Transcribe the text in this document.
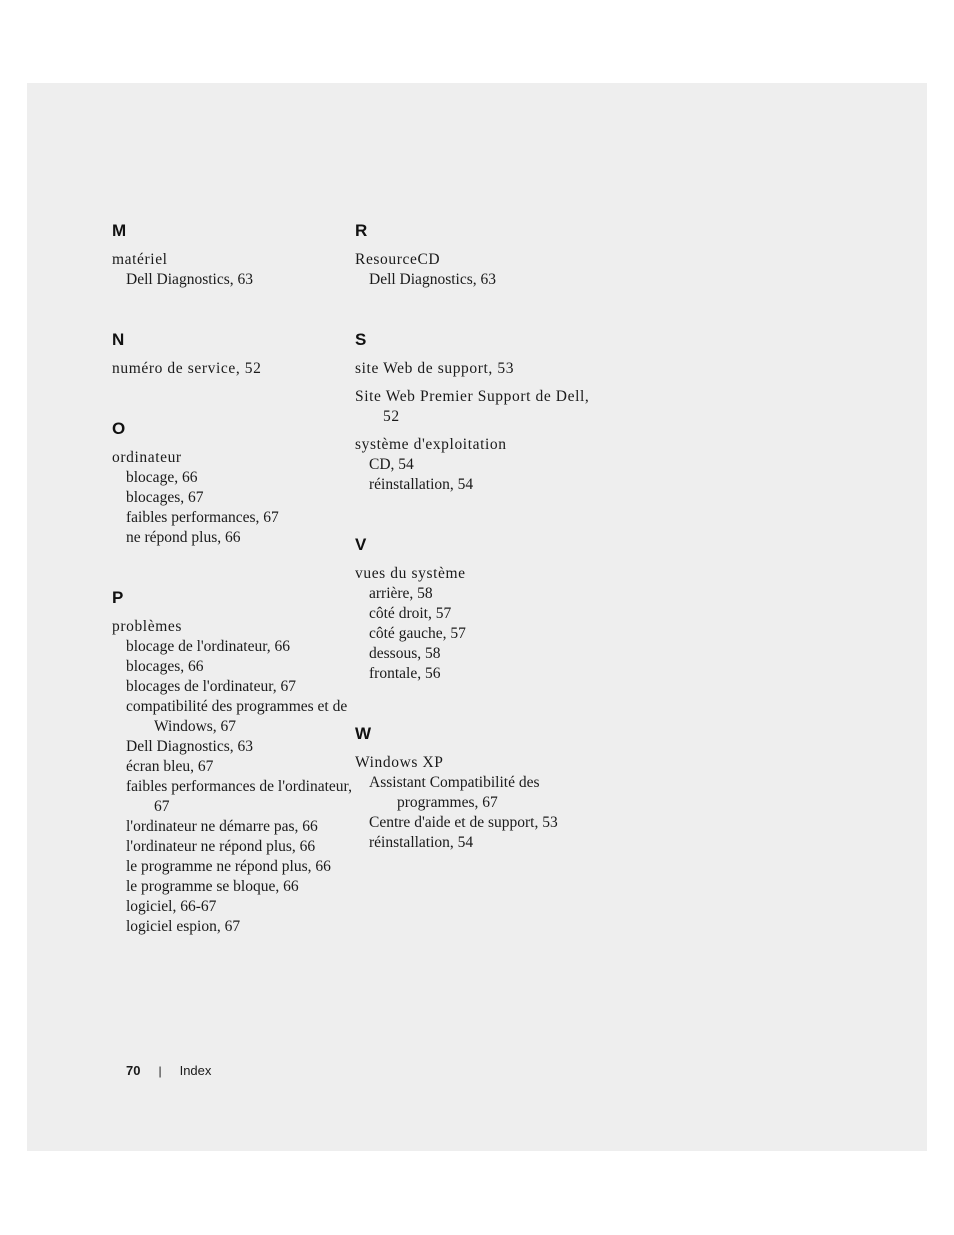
M
matériel
Dell Diagnostics, 63
N
numéro de service, 52
O
ordinateur
blocage, 66
blocages, 67
faibles performances, 67
ne répond plus, 66
P
problèmes
blocage de l'ordinateur, 66
blocages, 66
blocages de l'ordinateur, 67
compatibilité des programmes et de Windows, 67
Dell Diagnostics, 63
écran bleu, 67
faibles performances de l'ordinateur, 67
l'ordinateur ne démarre pas, 66
l'ordinateur ne répond plus, 66
le programme ne répond plus, 66
le programme se bloque, 66
logiciel, 66-67
logiciel espion, 67
R
ResourceCD
Dell Diagnostics, 63
S
site Web de support, 53
Site Web Premier Support de Dell, 52
système d'exploitation
CD, 54
réinstallation, 54
V
vues du système
arrière, 58
côté droit, 57
côté gauche, 57
dessous, 58
frontale, 56
W
Windows XP
Assistant Compatibilité des programmes, 67
Centre d'aide et de support, 53
réinstallation, 54
70 | Index
